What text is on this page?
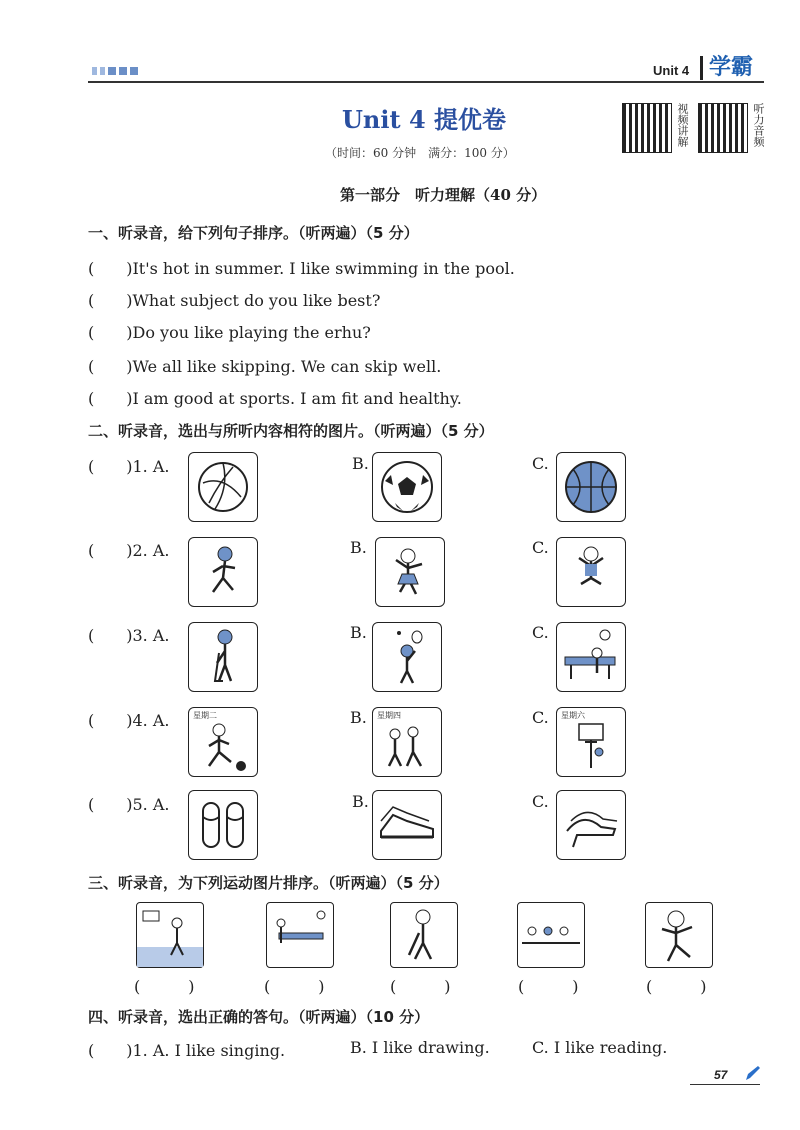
Unit 4 学霸
Unit 4 提优卷
（时间：60 分钟　满分：100 分）
视频讲解	听力音频
第一部分　听力理解（40 分）
一、听录音，给下列句子排序。（听两遍）（5 分）
(　　)It's hot in summer. I like swimming in the pool.
(　　)What subject do you like best?
(　　)Do you like playing the erhu?
(　　)We all like skipping. We can skip well.
(　　)I am good at sports. I am fit and healthy.
二、听录音，选出与所听内容相符的图片。（听两遍）（5 分）
(　　)1. A.	B.	C.
(　　)2. A.	B.	C.
(　　)3. A.	B.	C.
(　　)4. A.	星期二	B. 星期四	C. 星期六
(　　)5. A.	B.	C.
三、听录音，为下列运动图片排序。（听两遍）（5 分）
(　　　)	(　　　)	(　　　)	(　　　)	(　　　)
四、听录音，选出正确的答句。（听两遍）（10 分）
(　　)1. A. I like singing.	B. I like drawing.	C. I like reading.
57
